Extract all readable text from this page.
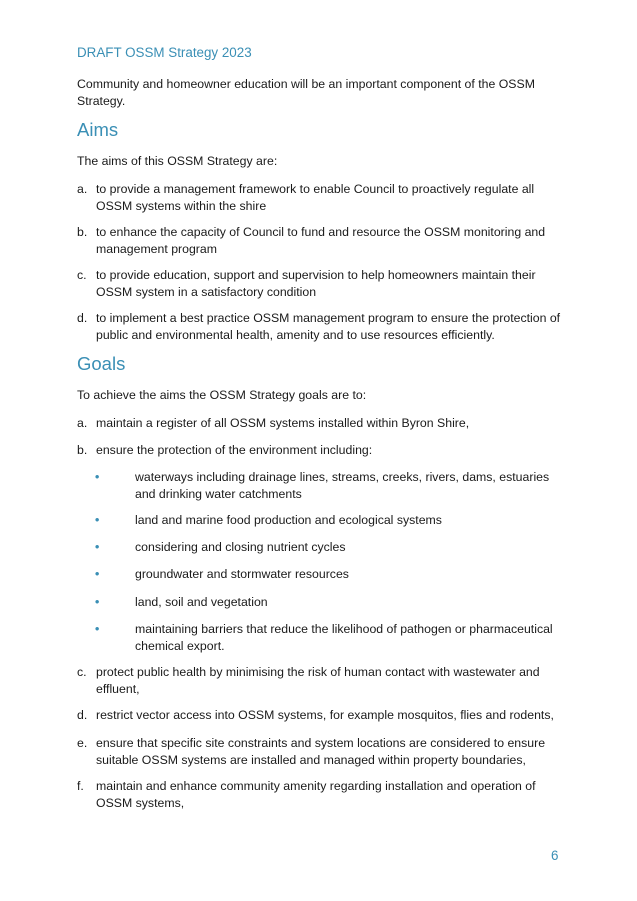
DRAFT OSSM Strategy 2023
Community and homeowner education will be an important component of the OSSM Strategy.
Aims
The aims of this OSSM Strategy are:
a. to provide a management framework to enable Council to proactively regulate all OSSM systems within the shire
b. to enhance the capacity of Council to fund and resource the OSSM monitoring and management program
c. to provide education, support and supervision to help homeowners maintain their OSSM system in a satisfactory condition
d. to implement a best practice OSSM management program to ensure the protection of public and environmental health, amenity and to use resources efficiently.
Goals
To achieve the aims the OSSM Strategy goals are to:
a. maintain a register of all OSSM systems installed within Byron Shire,
b. ensure the protection of the environment including:
•	waterways including drainage lines, streams, creeks, rivers, dams, estuaries and drinking water catchments
•	land and marine food production and ecological systems
•	considering and closing nutrient cycles
•	groundwater and stormwater resources
•	land, soil and vegetation
•	maintaining barriers that reduce the likelihood of pathogen or pharmaceutical chemical export.
c. protect public health by minimising the risk of human contact with wastewater and effluent,
d. restrict vector access into OSSM systems, for example mosquitos, flies and rodents,
e. ensure that specific site constraints and system locations are considered to ensure suitable OSSM systems are installed and managed within property boundaries,
f. maintain and enhance community amenity regarding installation and operation of OSSM systems,
6
